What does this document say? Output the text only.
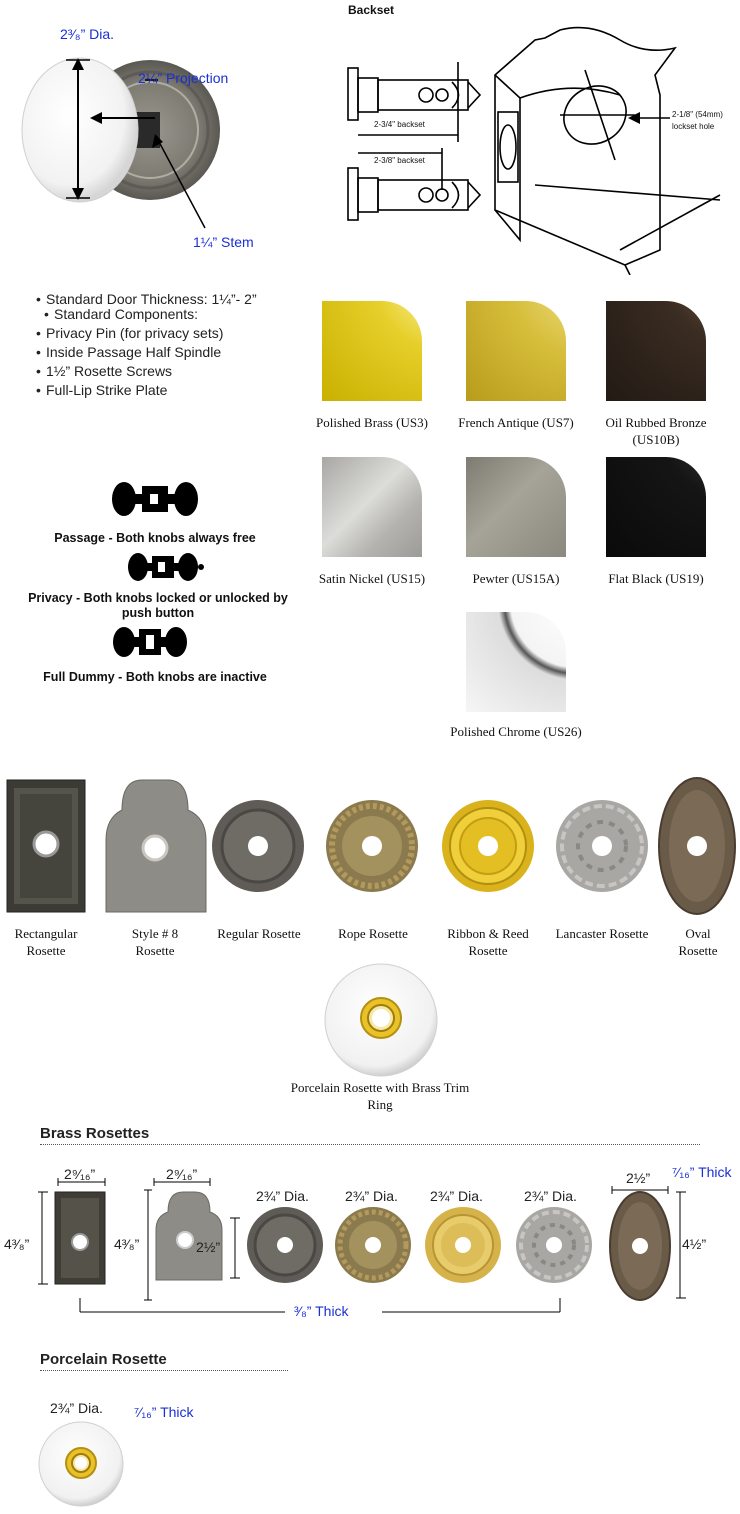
2³⁄₈” Dia.
2¼” Projection
1¼” Stem
Backset
2-3/4" backset
2-3/8" backset
2-1/8" (54mm)
lockset hole
• Standard Door Thickness: 1¼”- 2”
• Standard Components:
• Privacy Pin (for privacy sets)
• Inside Passage Half Spindle
• 1½” Rosette Screws
• Full-Lip Strike Plate
Passage - Both knobs always free
Privacy - Both knobs locked or unlocked by push button
Full Dummy - Both knobs are inactive
Polished Brass (US3)	French Antique (US7)	Oil Rubbed Bronze (US10B)
Satin Nickel (US15)	Pewter (US15A)	Flat Black (US19)
Polished Chrome (US26)
Rectangular Rosette
Style # 8 Rosette
Regular Rosette	Rope Rosette	Ribbon & Reed Rosette
Lancaster Rosette	Oval Rosette
Porcelain Rosette with Brass Trim Ring
Brass Rosettes
2⁹⁄₁₆”
4³⁄₈”
2⁹⁄₁₆”
4³⁄₈”	2½”
2¾” Dia.	2¾” Dia. 2¾” Dia.	2¾” Dia.
³⁄₈” Thick
2½”
4½”
⁷⁄₁₆” Thick
Porcelain Rosette
2¾” Dia. ⁷⁄₁₆” Thick
